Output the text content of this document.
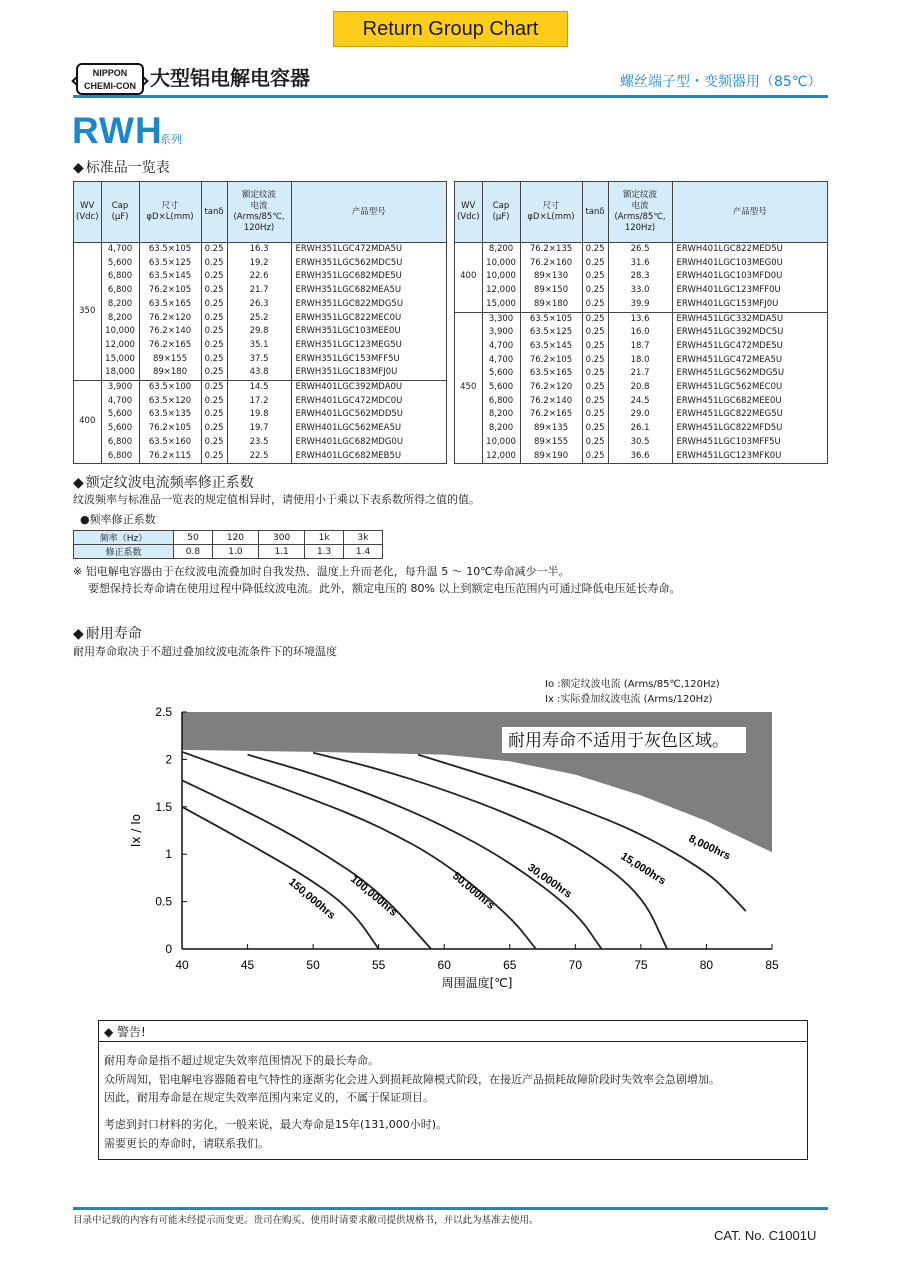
Return Group Chart
NIPPON
CHEMI-CON 大型铝电解电容器	螺丝端子型・变频器用（85℃）
RWH
系列
◆ 标准品一览表
WV
(Vdc)	Cap
(μF)	尺寸
φD×L(mm)	tanδ	额定纹波
电流
(Arms/85℃,
120Hz)	产品型号
350	4,700	63.5×105	0.25	16.3	ERWH351LGC472MDA5U
	5,600	63.5×125	0.25	19.2	ERWH351LGC562MDC5U
	6,800	63.5×145	0.25	22.6	ERWH351LGC682MDE5U
	6,800	76.2×105	0.25	21.7	ERWH351LGC682MEA5U
	8,200	63.5×165	0.25	26.3	ERWH351LGC822MDG5U
	8,200	76.2×120	0.25	25.2	ERWH351LGC822MEC0U
	10,000	76.2×140	0.25	29.8	ERWH351LGC103MEE0U
	12,000	76.2×165	0.25	35.1	ERWH351LGC123MEG5U
	15,000	89×155	0.25	37.5	ERWH351LGC153MFF5U
	18,000	89×180	0.25	43.8	ERWH351LGC183MFJ0U
400	3,900	63.5×100	0.25	14.5	ERWH401LGC392MDA0U
	4,700	63.5×120	0.25	17.2	ERWH401LGC472MDC0U
	5,600	63.5×135	0.25	19.8	ERWH401LGC562MDD5U
	5,600	76.2×105	0.25	19.7	ERWH401LGC562MEA5U
	6,800	63.5×160	0.25	23.5	ERWH401LGC682MDG0U
	6,800	76.2×115	0.25	22.5	ERWH401LGC682MEB5U
WV
(Vdc)	Cap
(μF)	尺寸
φD×L(mm)	tanδ	额定纹波
电流
(Arms/85℃,
120Hz)	产品型号
400	8,200	76.2×135	0.25	26.5	ERWH401LGC822MED5U
	10,000	76.2×160	0.25	31.6	ERWH401LGC103MEG0U
	10,000	89×130	0.25	28.3	ERWH401LGC103MFD0U
	12,000	89×150	0.25	33.0	ERWH401LGC123MFF0U
	15,000	89×180	0.25	39.9	ERWH401LGC153MFJ0U
450	3,300	63.5×105	0.25	13.6	ERWH451LGC332MDA5U
	3,900	63.5×125	0.25	16.0	ERWH451LGC392MDC5U
	4,700	63.5×145	0.25	18.7	ERWH451LGC472MDE5U
	4,700	76.2×105	0.25	18.0	ERWH451LGC472MEA5U
	5,600	63.5×165	0.25	21.7	ERWH451LGC562MDG5U
	5,600	76.2×120	0.25	20.8	ERWH451LGC562MEC0U
	6,800	76.2×140	0.25	24.5	ERWH451LGC682MEE0U
	8,200	76.2×165	0.25	29.0	ERWH451LGC822MEG5U
	8,200	89×135	0.25	26.1	ERWH451LGC822MFD5U
	10,000	89×155	0.25	30.5	ERWH451LGC103MFF5U
	12,000	89×190	0.25	36.6	ERWH451LGC123MFK0U
◆ 额定纹波电流频率修正系数
纹波频率与标准品一览表的规定值相异时，请使用小于乘以下表系数所得之值的值。
●频率修正系数
频率（Hz）	50	120	300	1k	3k
修正系数	0.8	1.0	1.1	1.3	1.4
※ 铝电解电容器由于在纹波电流叠加时自我发热、温度上升而老化，每升温 5 ～ 10℃寿命减少一半。
要想保持长寿命请在使用过程中降低纹波电流。此外，额定电压的 80% 以上到额定电压范围内可通过降低电压延长寿命。
◆ 耐用寿命
耐用寿命取决于不超过叠加纹波电流条件下的环境温度
Io :额定纹波电流 (Arms/85℃,120Hz)
Ix :实际叠加纹波电流 (Arms/120Hz)
耐用寿命不适用于灰色区域。
40	45	50	55	60	65	70	75	80	85
0
0.5
1
1.5
2
2.5
周围温度[℃]
Ix / Io
150,000hrs 100,000hrs	50,000hrs	30,000hrs	15,000hrs
8,000hrs
◆ 警告!
耐用寿命是指不超过规定失效率范围情况下的最长寿命。
众所周知，铝电解电容器随着电气特性的逐渐劣化会进入到损耗故障模式阶段，在接近产品损耗故障阶段时失效率会急剧增加。
因此，耐用寿命是在规定失效率范围内来定义的，不属于保证项目。
考虑到封口材料的劣化，一般来说，最大寿命是15年(131,000小时)。
需要更长的寿命时，请联系我们。
目录中记载的内容有可能未经提示而变更。贵司在购买、使用时请要求敝司提供规格书，并以此为基准去使用。
CAT. No. C1001U
